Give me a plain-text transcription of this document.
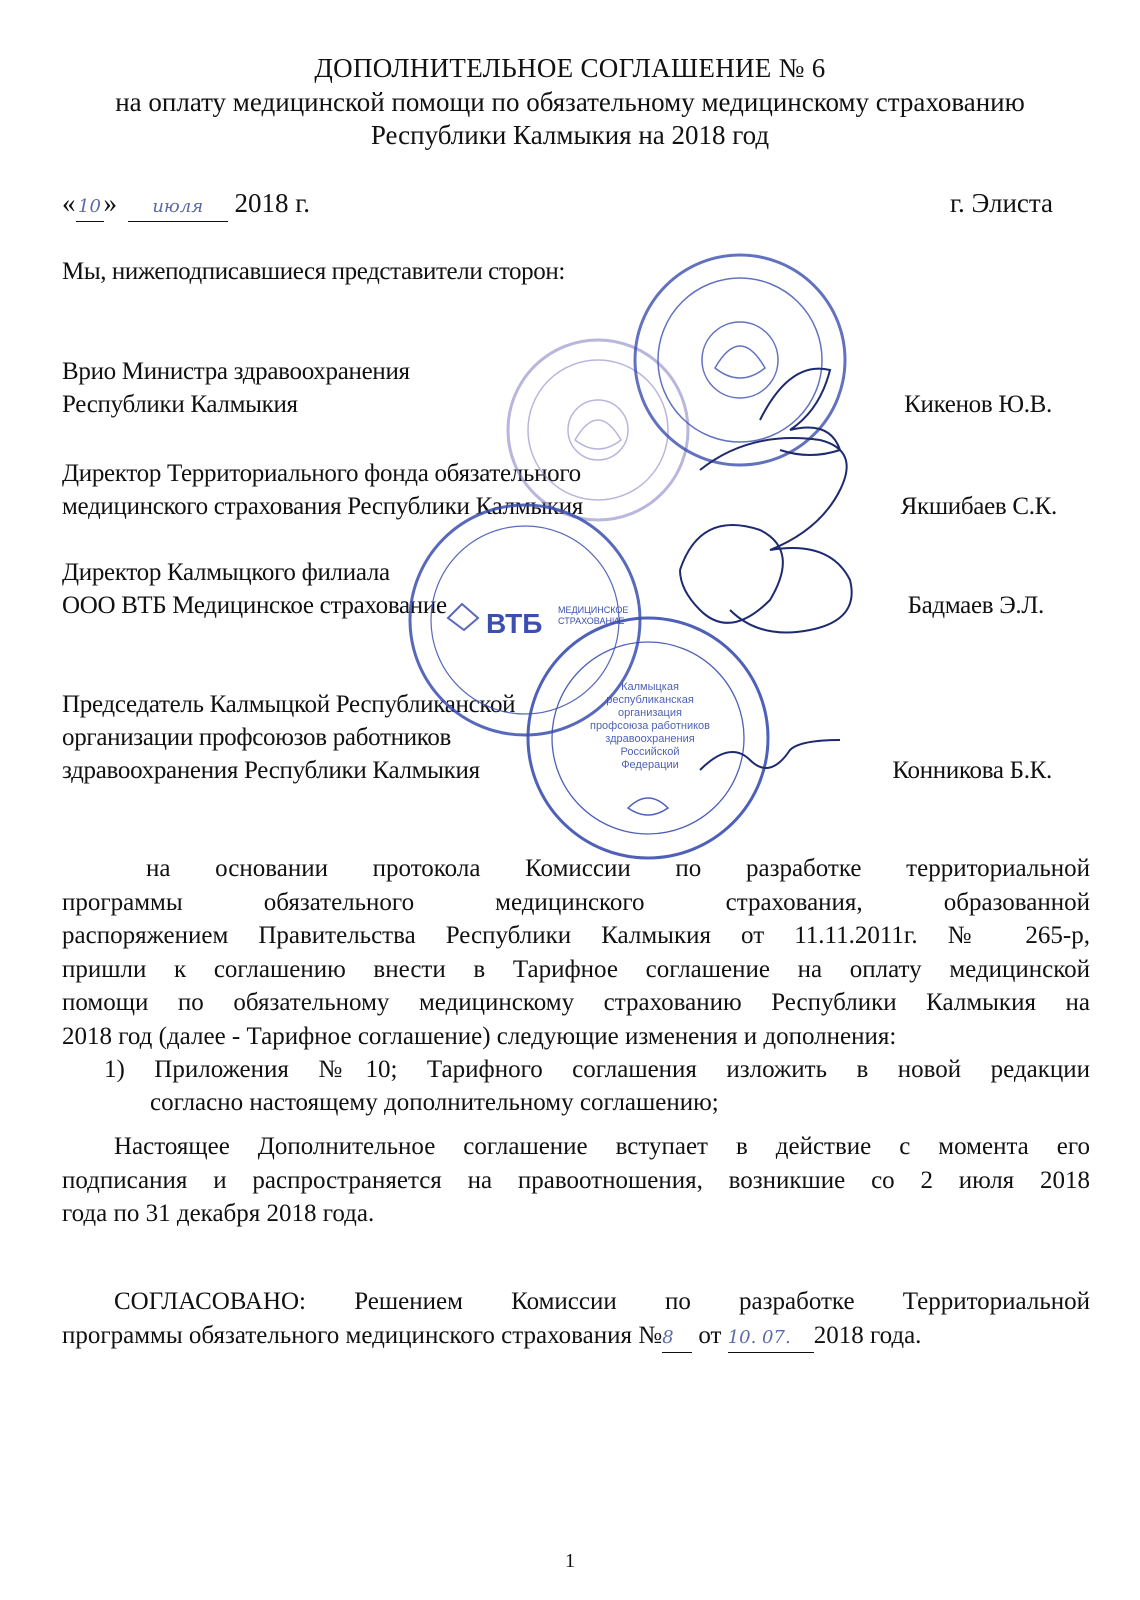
ДОПОЛНИТЕЛЬНОЕ СОГЛАШЕНИЕ № 6
на оплату медицинской помощи по обязательному медицинскому страхованию
Республики Калмыкия на 2018 год
« 10» июля 2018 г.	г. Элиста
Мы, нижеподписавшиеся представители сторон:
Врио Министра здравоохранения
Республики Калмыкия	Кикенов Ю.В.
Директор Территориального фонда обязательного
медицинского страхования Республики Калмыкия	Якшибаев С.К.
Директор Калмыцкого филиала
ООО ВТБ Медицинское страхование	Бадмаев Э.Л.
Председатель Калмыцкой Республиканской
организации профсоюзов работников
здравоохранения Республики Калмыкия	Конникова Б.К.
на основании протокола Комиссии по разработке территориальной
программы обязательного медицинского страхования, образованной
распоряжением Правительства Республики Калмыкия от 11.11.2011г. № 265-р,
пришли к соглашению внести в Тарифное соглашение на оплату медицинской
помощи по обязательному медицинскому страхованию Республики Калмыкия на
2018 год (далее - Тарифное соглашение) следующие изменения и дополнения:
1) Приложения №10; Тарифного соглашения изложить в новой редакции
согласно настоящему дополнительному соглашению;
Настоящее Дополнительное соглашение вступает в действие с момента его
подписания и распространяется на правоотношения, возникшие со 2 июля 2018
года по 31 декабря 2018 года.
СОГЛАСОВАНО: Решением Комиссии по разработке Территориальной
программы обязательного медицинского страхования №8 от 10. 07. 2018 года.
1
ВТБ МЕДИЦИНСКОЕ
СТРАХОВАНИЕ
Калмыцкая
республиканская
организация
профсоюза работников
здравоохранения
Российской
Федерации
